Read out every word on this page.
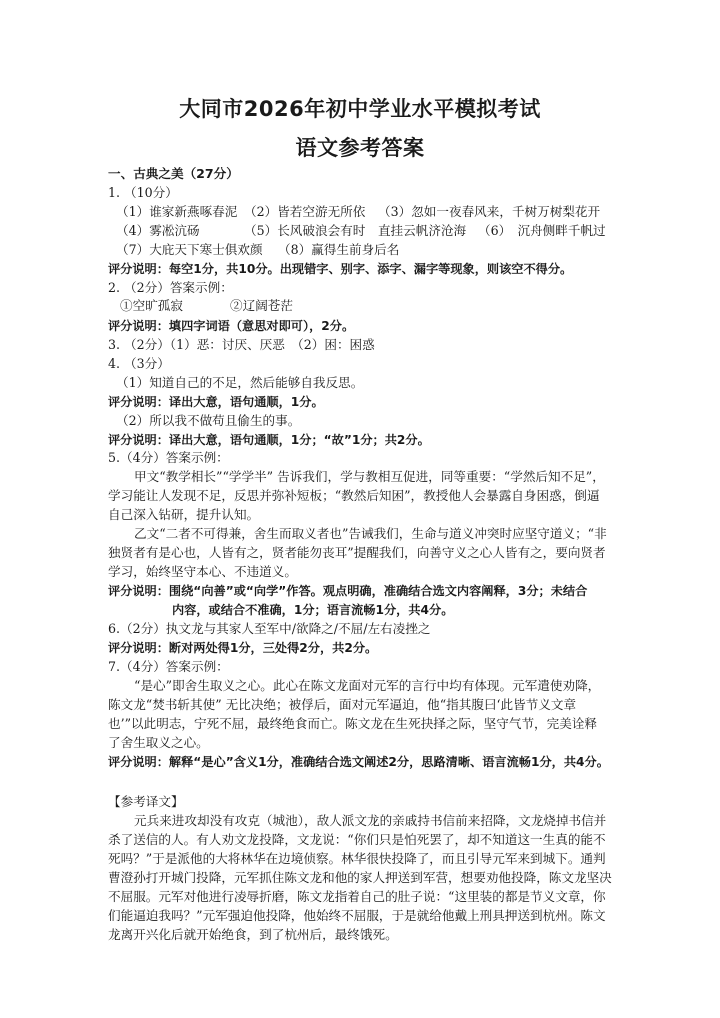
大同市2026年初中学业水平模拟考试
语文参考答案
一、古典之美（27分）
1. （10分）
（1）谁家新燕啄春泥 （2）皆若空游无所依 （3）忽如一夜春风来，千树万树梨花开
（4）雾凇沆砀	（5）长风破浪会有时　直挂云帆济沧海 （6）　沉舟侧畔千帆过
（7）大庇天下寒士俱欢颜 （8）赢得生前身后名
评分说明：每空1分，共10分。出现错字、别字、添字、漏字等现象，则该空不得分。
2. （2分）答案示例：
①空旷孤寂	②辽阔苍茫
评分说明：填四字词语（意思对即可），2分。
3. （2分）（1）恶：讨厌、厌恶　（2）困：困惑
4. （3分）
（1）知道自己的不足，然后能够自我反思。
评分说明：译出大意，语句通顺，1分。
（2）所以我不做苟且偷生的事。
评分说明：译出大意，语句通顺，1分；“故”1分；共2分。
5.（4分）答案示例：
甲文“教学相长”“学学半” 告诉我们，学与教相互促进，同等重要：“学然后知不足”，
学习能让人发现不足，反思并弥补短板；“教然后知困”，教授他人会暴露自身困惑，倒逼
自己深入钻研，提升认知。
乙文“二者不可得兼，舍生而取义者也”告诫我们，生命与道义冲突时应坚守道义；“非
独贤者有是心也，人皆有之，贤者能勿丧耳”提醒我们，向善守义之心人皆有之，要向贤者
学习，始终坚守本心、不违道义。
评分说明：围绕“向善”或“向学”作答。观点明确，准确结合选文内容阐释，3分；未结合
内容，或结合不准确，1分；语言流畅1分，共4分。
6.（2分）执文龙与其家人至军中/欲降之/不屈/左右凌挫之
评分说明：断对两处得1分，三处得2分，共2分。
7.（4分）答案示例：
“是心”即舍生取义之心。此心在陈文龙面对元军的言行中均有体现。元军遣使劝降，
陈文龙“焚书斩其使” 无比决绝；被俘后，面对元军逼迫，他“指其腹曰‘此皆节义文章
也’”以此明志，宁死不屈，最终绝食而亡。陈文龙在生死抉择之际，坚守气节，完美诠释
了舍生取义之心。
评分说明：解释“是心”含义1分，准确结合选文阐述2分，思路清晰、语言流畅1分，共4分。
【参考译文】
元兵来进攻却没有攻克（城池），敌人派文龙的亲戚持书信前来招降，文龙烧掉书信并
杀了送信的人。有人劝文龙投降，文龙说：“你们只是怕死罢了，却不知道这一生真的能不
死吗？”于是派他的大将林华在边境侦察。林华很快投降了，而且引导元军来到城下。通判
曹澄孙打开城门投降，元军抓住陈文龙和他的家人押送到军营，想要劝他投降，陈文龙坚决
不屈服。元军对他进行凌辱折磨，陈文龙指着自己的肚子说：“这里装的都是节义文章，你
们能逼迫我吗？”元军强迫他投降，他始终不屈服，于是就给他戴上刑具押送到杭州。陈文
龙离开兴化后就开始绝食，到了杭州后，最终饿死。
